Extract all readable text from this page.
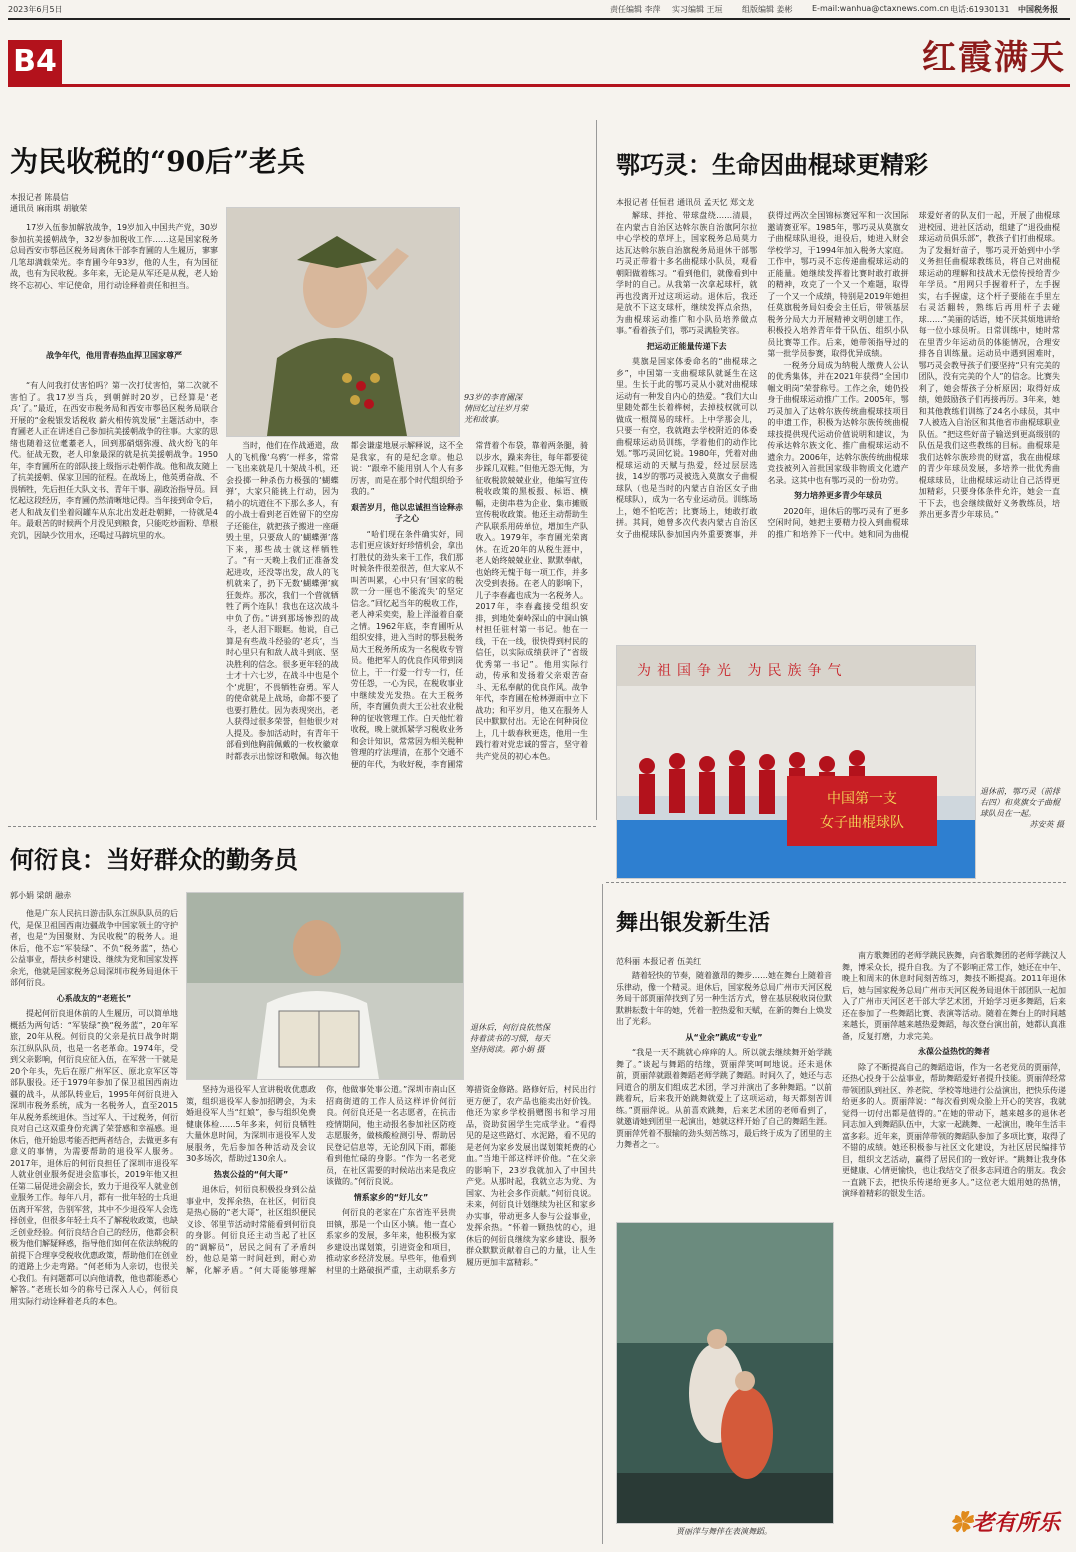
2023年6月5日	责任编辑 李萍 实习编辑 王垣 组版编辑 姜彬 E-mail:wanhua@ctaxnews.com.cn 电话:61930131 中国税务报
B4	红霞满天
为民收税的“90后”老兵
本报记者 陈晨信
通讯员 麻雨琪 胡敏荣
17岁入伍参加解放战争，19岁加入中国共产党，30岁参加抗美援朝战争，32岁参加税收工作……这是国家税务总局西安市鄠邑区税务局离休干部李育圃的人生履历，寥寥几笔却满载荣光。李育圃今年93岁，他的人生，有为国征战，也有为民收税。多年来，无论是从军还是从税，老人始终不忘初心、牢记使命，用行动诠释着责任和担当。
战争年代，他用青春热血捍卫国家尊严
“有人问我打仗害怕吗？第一次打仗害怕，第二次就不害怕了。我17岁当兵，到朝鲜时20岁，已经算是‘老兵’了。”最近，在西安市税务局和西安市鄠邑区税务局联合开展的“金税银发话税收 薪火相传筑发展”主题活动中，李育圃老人正在讲述自己参加抗美援朝战争的往事。大家的思绪也随着这位耄耋老人，回到那硝烟弥漫、战火纷飞的年代。征战无数，老人印象最深的就是抗美援朝战争。1950年，李育圃所在的部队接上级指示赴朝作战。他和战友随上了抗美援朝、保家卫国的征程。在战场上，他英勇奋战、不畏牺牲，先后担任大队文书、青年干事、副政治指导员。回忆起这段经历，李育圃仍然清晰地记得。当年接到命令后，老人和战友们坐着闷罐车从东北出发赶赴朝鲜，一待就是4年。最艰苦的时候两个月没见到粮食，只能吃炒面粉、草根充饥，因缺少饮用水，还喝过马蹄坑里的水。
93岁的李育圃深情回忆过往岁月荣光和故事。

当时，他们在作战通道，敌人的飞机像‘乌鸦’一样多，常常一飞出来就是几十架战斗机，还会投掷一种杀伤力极强的‘蝴蝶弹’，大家只能挑上行动，因为稍小的坑道住不下那么多人，有的小战士看到老百姓留下的空房子还能住，就把孩子搬进一座砸毁土里，只要敌人的‘蝴蝶弹’落下来，那些战士就这样牺牲了。“有一天晚上我们正准备发起进攻，还没等出发，敌人的飞机就来了，扔下无数‘蝴蝶弹’疯狂轰炸。那次，我们一个营就牺牲了两个连队！我也在这次战斗中负了伤。”讲到那场惨烈的战斗，老人泪下眼眶。他说，自己算是有些战斗经验的‘老兵’，当时心里只有和敌人战斗到底、坚决胜利的信念。很多更年轻的战士才十六七岁，在战斗中也是个个‘虎胆’，不畏牺牲奋勇。军人的使命就是上战场，命都不要了也要打胜仗。因为表现突出，老人获得过很多荣誉，但他很少对人提及。参加活动时，有青年干部看到他胸前佩戴的一枚枚徽章时都表示出惊讶和敬佩。每次他都会谦虚地展示解释说，这不全是我家，有的是纪念章。他总说：“跟牵不能用别人个人有多厉害，而是在那个时代组织给予我的。”

艰苦岁月，他以忠诚担当诠释赤子之心

“哈们现在条件确实好，同志们更应该好好珍惜机会，拿出打胜仗的劲头来干工作，我们那时候条件很差很苦，但大家从不叫苦叫累，心中只有‘国家的税款一分一厘也不能流失’的坚定信念。”回忆起当年的税收工作，老人神采奕奕，脸上洋溢着自豪之情。1962年底，李育圃听从组织安排，进入当时的鄠县税务局大王税务所成为一名税收专管员。他把军人的优良作风带到岗位上，干一行爱一行专一行，任劳任怨，一心为民，在税收事业中继续发光发热。在大王税务所，李育圃负责大王公社农业税种的征收管理工作。白天他忙着收税，晚上就抓紧学习税收业务和会计知识，常常因为相关税种管理的疗法理清，在那个交通不便的年代，为收好税，李育圃常常背着个布袋，靠着两条腿，骑以步水，躁来奔往，每年都要徒步踩几双鞋。”但他无怨无悔，为征收税款兢兢业业，他编写宣传税收政策的黑板报、标语、横幅，走街串巷为企业、集市摊贩宣传税收政策。他还主动帮助生产队联系用砖单位，增加生产队收入。1979年，李育圃光荣离休。在近20年的从税生涯中，老人始终兢兢业业、默默奉献，也始终无愧于每一项工作，并多次受到表扬。在老人的影响下，儿子李春鑫也成为一名税务人。2017年，李春鑫接受组织安排，到地处秦岭深山的中洞山镇村担任驻村第一书记。他在一线，干在一线，很快得到村民的信任，以实际成绩获评了“省级优秀第一书记”。他用实际行动，传承和发扬着父亲艰苦奋斗、无私奉献的优良作风。战争年代，李育圃在枪林弹雨中立下战功；和平岁月，他又在服务人民中默默付出。无论在何种岗位上，几十载春秋更迭，他用一生践行着对党忠诚的誓言，坚守着共产党员的初心本色。

鄂巧灵：生命因曲棍球更精彩
本报记者 任恒君 通讯员 孟天忆 郑文龙

解球、拌抢、带球盘绕……清晨，在内蒙古自治区达斡尔族自治旗阿尔拉中心学校的草坪上，国家税务总局莫力达瓦达斡尔族自治旗税务局退休干部鄂巧灵正带着十多名曲棍球小队员，观看朝阳做着练习。“看到他们，就像看到中学时的自己。从我第一次拿起球杆，就再也没离开过这项运动。退休后，我还是放不下这支球杆，继续发挥点余热，为曲棍球运动推广和小队员培养做点事。”看着孩子们，鄂巧灵满脸笑容。

把运动正能量传递下去

莫旗是国家体委命名的“曲棍球之乡”，中国第一支曲棍球队就诞生在这里。生长于此的鄂巧灵从小就对曲棍球运动有一种发自内心的热爱。“我们大山里随处都生长着桦树，去掉枝权就可以做成一根简易的球杆。上中学那会儿，只要一有空，我就跑去学校附近的体委曲棍球运动员训练，学着他们的动作比划。”鄂巧灵回忆说。1980年，凭着对曲棍球运动的天赋与热爱，经过层层选拔，14岁的鄂巧灵被选入莫旗女子曲棍球队（也是当时的内蒙古自治区女子曲棍球队），成为一名专业运动员。训练场上，她不怕吃苦；比赛场上，她敢打敢拼。其间，她曾多次代表内蒙古自治区女子曲棍球队参加国内外重要赛事，并获得过两次全国锦标赛冠军和一次国际邀请赛亚军。1985年，鄂巧灵从莫旗女子曲棍球队退役，退役后，她进入财会学校学习，于1994年加入税务大家庭。工作中，鄂巧灵不忘传递曲棍球运动的正能量。她继续发挥着比赛时敢打敢拼的精神，攻克了一个又一个难题，取得了一个又一个成绩，特别是2019年她担任莫旗税务局妇委会主任后，带领基层税务分局大力开展精神文明创建工作，积极投入培养青年骨干队伍、组织小队员比赛等工作。后来，她带领指导过的第一批学员参赛，取得优异成绩。

一税务分局成为纳税人缴费人公认的优秀集体，并在2021年获得“全国巾帼文明岗”荣誉称号。工作之余，她仍投身于曲棍球运动推广工作。2005年，鄂巧灵加入了达斡尔族传统曲棍球技项目的申遗工作，积极为达斡尔族传统曲棍球技提供现代运动价值说明和建议，为传承达斡尔族文化、推广曲棍球运动不遗余力。2006年，达斡尔族传统曲棍球竞技被列入首批国家级非物质文化遗产名录。这其中也有鄂巧灵的一份功劳。

努力培养更多青少年球员

2020年，退休后的鄂巧灵有了更多空闲时间，她把主要精力投入到曲棍球的推广和培养下一代中。她和同为曲棍球爱好者的队友们一起，开展了曲棍球进校园、进社区活动，组建了“退役曲棍球运动员俱乐部”，教孩子们打曲棍球。为了发掘好苗子，鄂巧灵开始到中小学义务担任曲棍球教练员，将自己对曲棍球运动的理解和技战术无偿传授给青少年学员。“用网只手握着杆子，左手握实，右手握虚，这个杆子要能在手里左右灵活翻转，熟练后再用杆子去碰球……”美丽的话语，她不厌其烦地讲给每一位小球员听。日常训练中，她时常在里青少年运动员的体能情况，合理安排各自训练量。运动员中遇到困难时，鄂巧灵会教导孩子们要坚持“只有完美的团队，没有完美的个人”的信念。比赛失利了，她会帮孩子分析原因；取得好成绩，她鼓励孩子们再接再厉。3年来，她和其他教练们训练了24名小球员，其中7人被选入自治区和其他省市曲棍球职业队伍。“把这些好苗子输送到更高级别的队伍是我们这些教练的目标。曲棍球是我们达斡尔族珍贵的财富，我在曲棍球的青少年球员发展，多培养一批优秀曲棍球球员，让曲棍球运动让自己活得更加精彩，只要身体条件允许，她会一直干下去，也会继续做好义务教练员，培养出更多青少年球员。”

为祖国争光 为民族争气
中国第一支
女子曲棍球队
退休前，鄂巧灵（前排右四）和莫旗女子曲棍球队员在一起。
苏安英 摄
何衍良：当好群众的勤务员
郭小娟 梁朗 融赤

他是广东人民抗日游击队东江纵队队员的后代，是保卫祖国西南边疆战争中国家领土的守护者，也是“为国聚财、为民收税”的税务人。退休后，他不忘“军装绿”、不负“税务蓝”，热心公益事业，帮扶乡村建设、继续为党和国家发挥余光，他就是国家税务总局深圳市税务局退休干部何衍良。

心系战友的“老班长”

提起何衍良退休前的人生履历，可以简单地概括为两句话：“军装绿”换“税务蓝”，20年军旅，20年从税。何衍良的父亲是抗日战争时期东江纵队队员，也是一名老革命。1974年，受到父亲影响，何衍良应征入伍，在军营一干就是20个年头，先后在原广州军区、原北京军区等部队服役。还于1979年参加了保卫祖国西南边疆的战斗，从部队转业后，1995年何衍良进入深圳市税务系统，成为一名税务人，直至2015年从税务系统退休。当过军人、干过税务，何衍良对自己这双重身份充满了荣誉感和幸福感。退休后，他开始思考能否把两者结合，去做更多有意义的事情，为需要帮助的退役军人服务。2017年，退休后的何衍良担任了深圳市退役军人就业创业服务促进会监事长，2019年他又担任第二届促进会副会长，致力于退役军人就业创业服务工作。每年八月，都有一批年轻的士兵退伍离开军营，告别军营，其中不少退役军人会选择创业，但很多年轻士兵不了解税收政策，也缺乏创业经验。何衍良结合自己的经历，他都会积极为他们解疑释惑，指导他们如何在依法纳税的前提下合理享受税收优惠政策，帮助他们在创业的道路上少走弯路。“何老师为人亲切，也很关心我们。有问题都可以向他请教，他也都能悉心解答。”老班长如今的称号已深入人心，何衍良用实际行动诠释着老兵的本色。

退休后，何衍良依然保持着读书的习惯，每天坚持阅读。郭小娟 摄

坚持为退役军人宣讲税收优惠政策，组织退役军人参加招聘会，为未婚退役军人当“红娘”，参与组织免费健康体检……5年多来，何衍良牺牲大量休息时间，为深圳市退役军人发展服务，先后参加各种活动及会议30多场次，帮助过130余人。

热衷公益的“何大哥”

退休后，何衍良积极投身到公益事业中，发挥余热，在社区，何衍良是热心肠的“老大哥”，社区组织便民义诊、邻里节活动时常能看到何衍良的身影。何衍良还主动当起了社区的“调解员”，居民之间有了矛盾纠纷，他总是第一时间赶到，耐心劝解，化解矛盾。“何大哥能够理解你，他做事处事公道。”深圳市南山区招商街道的工作人员这样评价何衍良。何衍良还是一名志愿者，在抗击疫情期间，他主动报名参加社区防疫志愿服务，做核酸检测引导、帮助居民登记信息等，无论刮风下雨，都能看到他忙碌的身影。“作为一名老党员，在社区需要的时候站出来是我应该做的。”何衍良说。

情系家乡的“好儿女”

何衍良的老家在广东省连平县贵田镇，那是一个山区小镇。他一直心系家乡的发展，多年来，他积极为家乡建设出谋划策，引进资金和项目，推动家乡经济发展。早些年，他看到村里的土路破损严重，主动联系多方筹措资金修路。路修好后，村民出行更方便了，农产品也能卖出好价钱。他还为家乡学校捐赠图书和学习用品，资助贫困学生完成学业。“看得见的是这些路灯、水泥路，看不见的是老何为家乡发展出谋划策耗费的心血。”当地干部这样评价他。“在父亲的影响下，23岁我就加入了中国共产党。从那时起，我就立志为党、为国家、为社会多作贡献。”何衍良说。未来，何衍良计划继续为社区和家乡办实事，带动更多人参与公益事业，发挥余热。“怀着一颗热忱的心，退休后的何衍良继续为家乡建设、服务群众默默贡献着自己的力量，让人生履历更加丰富精彩。”

舞出银发新生活
范科丽 本报记者 伍美红

踏着轻快的节奏，随着激昂的舞步……她在舞台上随着音乐律动，像一个精灵。退休后，国家税务总局广州市天河区税务局干部贾丽萍找到了另一种生活方式，曾在基层税收岗位默默耕耘数十年的她，凭着一腔热爱和天赋，在新的舞台上焕发出了光彩。

从“业余”跳成“专业”

“我是一天不跳就心痒痒的人。所以就去继续舞开始学跳舞了。”谈起与舞蹈的结缘，贾丽萍笑呵呵地说。还未退休前，贾丽萍就跟着舞蹈老师学跳了舞蹈。时间久了，她还与志同道合的朋友们组成艺术团，学习并演出了多种舞蹈。“以前跳着玩，后来我开始跳舞就爱上了这项运动，每天都刻苦训练。”贾丽萍说。从前喜欢跳舞，后来艺术团的老师看到了，就邀请她到团里一起演出，她就这样开始了自己的舞蹈生涯。贾丽萍凭着不服输的劲头刻苦练习，最后终于成为了团里的主力舞者之一。

南方歌舞团的老师学跳民族舞，向省歌舞团的老师学跳汉人舞，博采众长，提升自我。为了不影响正常工作，她还在中午、晚上和周末的休息时间刻苦练习，舞技不断提高。2011年退休后，她与国家税务总局广州市天河区税务局退休干部团队一起加入了广州市天河区老干部大学艺术团，开始学习更多舞蹈，后来还在参加了一些舞蹈比赛、表演等活动。随着在舞台上的时间越来越长，贾丽萍越来越热爱舞蹈，每次登台演出前，她都认真准备，反复打磨，力求完美。

永葆公益热忱的舞者

除了不断提高自己的舞蹈造诣，作为一名老党员的贾丽萍，还热心投身于公益事业，帮助舞蹈爱好者提升技能。贾丽萍经常带领团队到社区、养老院、学校等地进行公益演出，把快乐传递给更多的人。贾丽萍说：“每次看到观众脸上开心的笑容，我就觉得一切付出都是值得的。”在她的带动下，越来越多的退休老同志加入到舞蹈队伍中，大家一起跳舞、一起演出，晚年生活丰富多彩。近年来，贾丽萍带领的舞蹈队参加了多项比赛，取得了不错的成绩。她还积极参与社区文化建设，为社区居民编排节目，组织文艺活动，赢得了居民们的一致好评。“跳舞让我身体更健康、心情更愉快，也让我结交了很多志同道合的朋友。我会一直跳下去，把快乐传递给更多人。”这位老大姐用她的热情，演绎着精彩的银发生活。

贾丽萍与舞伴在表演舞蹈。	✿老有所乐
